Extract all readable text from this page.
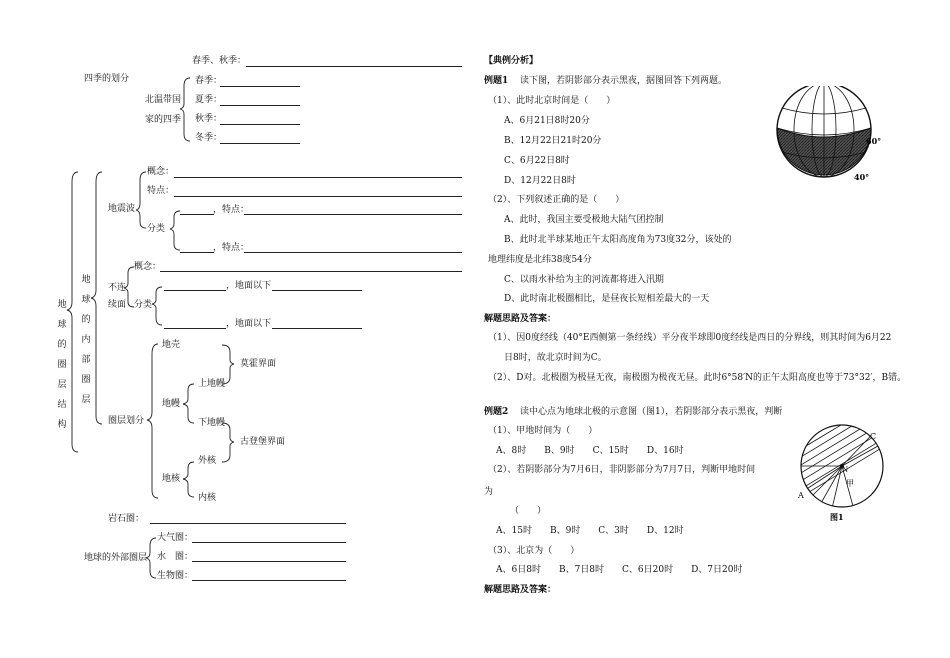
春季、秋季：
四季的划分
北温带国
家的四季
春季：
夏季：
秋季：
冬季：
地球的圈层结构
地球的内部圈层
地震波
概念：
特点：
分类
，特点：
，特点：
不连
续面
概念：
分类
，地面以下
，地面以下
圈层划分
地壳
莫霍界面
地幔
上地幔
下地幔
古登堡界面
地核
外核
内核
岩石圈：
地球的外部圈层
大气圈：
水　圈：
生物圈：
【典例分析】
例题1 读下图，若阴影部分表示黑夜，据图回答下列两题。
（1）、此时北京时间是（　　）
A、6月21日8时20分
B、12月22日21时20分
C、6月22日8时
D、12月22日8时
（2）、下列叙述正确的是（　　）
A、此时，我国主要受极地大陆气团控制
B、此时北半球某地正午太阳高度角为73度32分，该处的
地理纬度是北纬38度54分
C、以雨水补给为主的河流都将进入汛期
D、此时南北极圈相比，是昼夜长短相差最大的一天
解题思路及答案：
（1）、因0度经线（40°E西侧第一条经线）平分夜半球即0度经线是西日的分界线，则其时间为6月22
日8时，故北京时间为C。
（2）、D对。北极圈为极昼无夜，南极圈为极夜无昼。此时6°58′N的正午太阳高度也等于73°32′，B错。
60°
40°
例题2 读中心点为地球北极的示意图（图1），若阴影部分表示黑夜，判断
（1）、甲地时间为（　　）
A、8时　　B、9时　　C、15时　　D、16时
（2）、若阴影部分为7月6日，非阴影部分为7月7日，判断甲地时间
为
（　　）
A、15时　　B、9时　　C、3时　　D、12时
（3）、北京为（　　）
A、6日8时　　B、7日8时　　C、6日20时　　D、7日20时
解题思路及答案：
C
A
N
甲
图1
